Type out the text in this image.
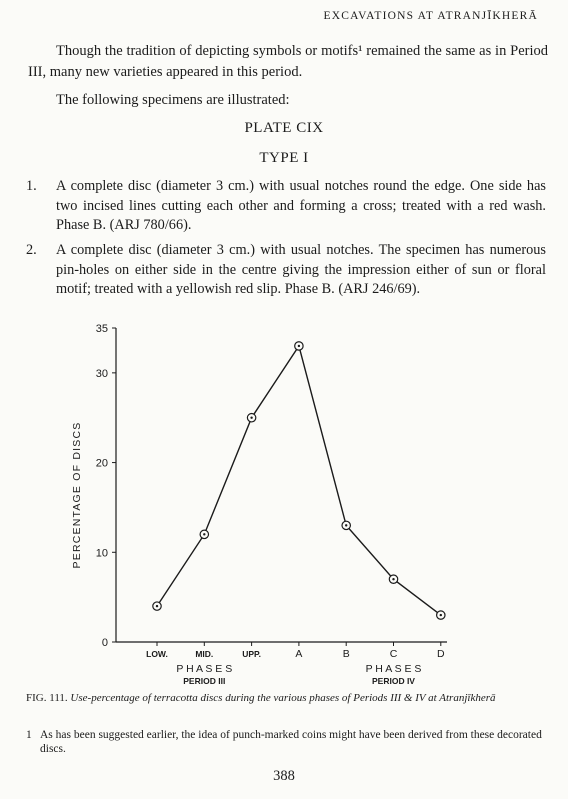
EXCAVATIONS AT ATRANJĪKHERĀ
Though the tradition of depicting symbols or motifs¹ remained the same as in Period III, many new varieties appeared in this period.
The following specimens are illustrated:
PLATE CIX
TYPE I
1. A complete disc (diameter 3 cm.) with usual notches round the edge. One side has two incised lines cutting each other and forming a cross; treated with a red wash. Phase B. (ARJ 780/66).
2. A complete disc (diameter 3 cm.) with usual notches. The specimen has numerous pin-holes on either side in the centre giving the impression either of sun or floral motif; treated with a yellowish red slip. Phase B. (ARJ 246/69).
0
10
20
30
35
LOW.	MID.	UPP.	A	B	C	D
PERCENTAGE OF DISCS
P H A S E S
PERIOD III
P H A S E S
PERIOD IV
FIG. 111. Use-percentage of terracotta discs during the various phases of Periods III & IV at Atranjīkherā
1 As has been suggested earlier, the idea of punch-marked coins might have been derived from these decorated discs.
388
